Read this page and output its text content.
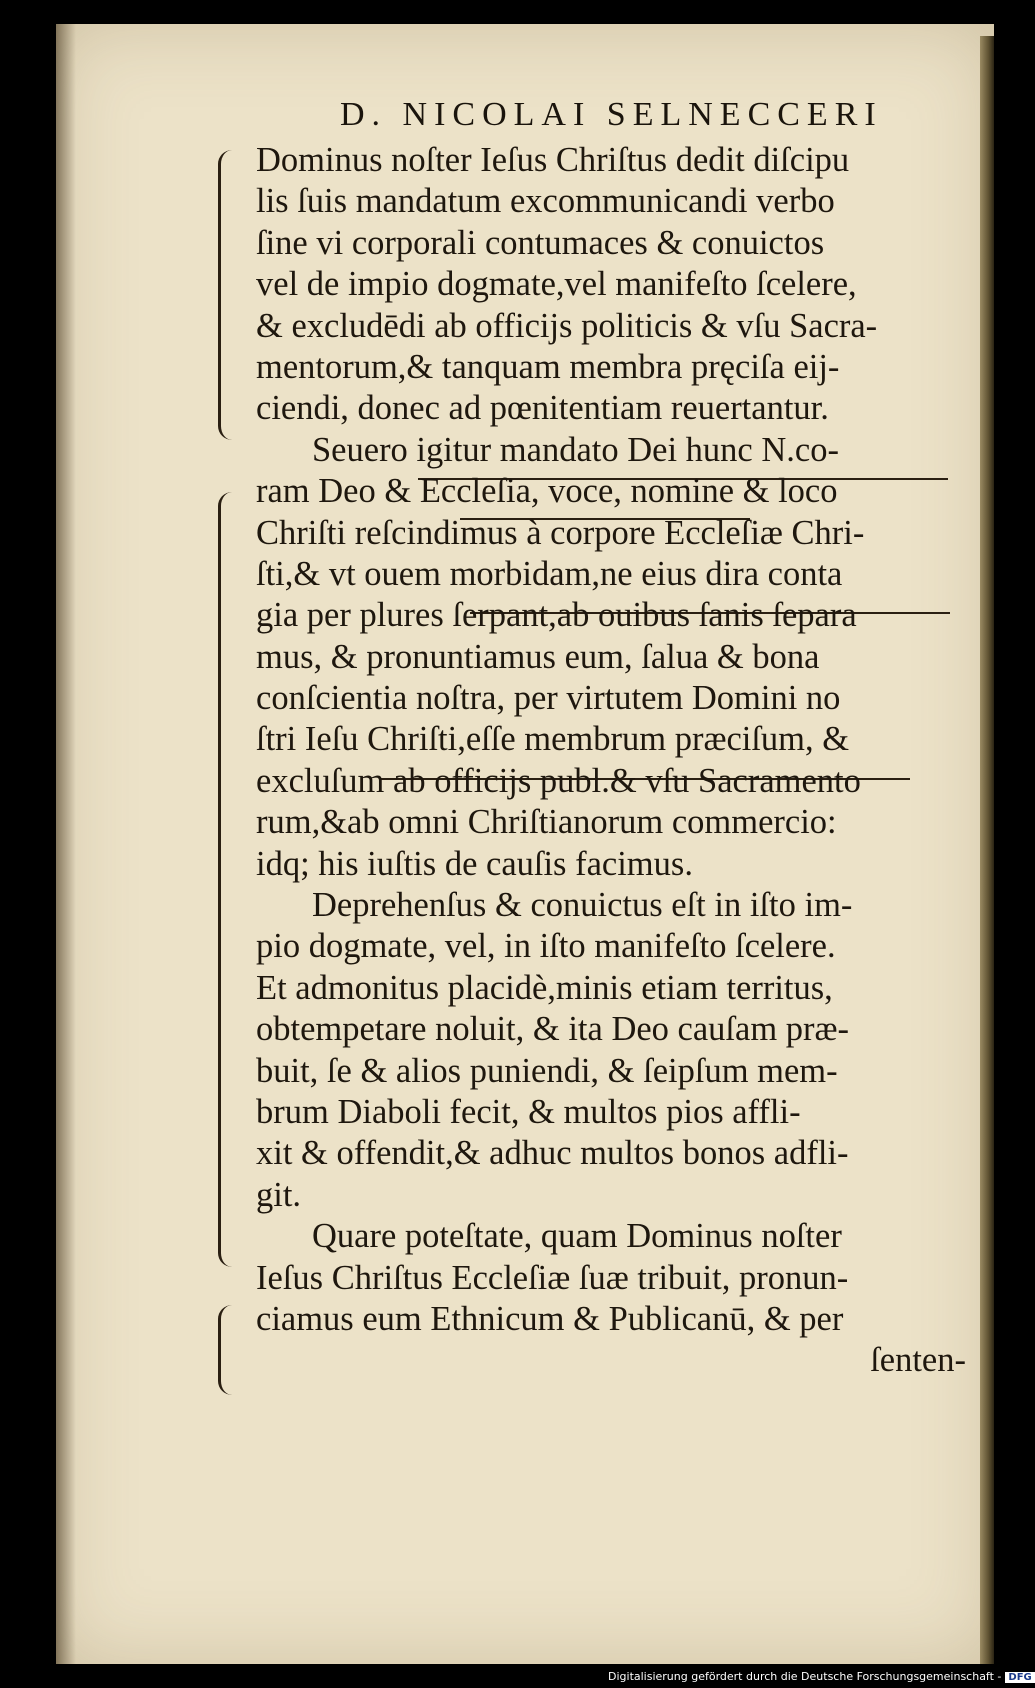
D. NICOLAI SELNECCERI
Dominus noſter Ieſus Chriſtus dedit diſcipu
lis ſuis mandatum excommunicandi verbo
ſine vi corporali contumaces & conuictos
vel de impio dogmate,vel manifeſto ſcelere,
& excludēdi ab officijs politicis & vſu Sacra-
mentorum,& tanquam membra pręciſa eij-
ciendi, donec ad pœnitentiam reuertantur.
Seuero igitur mandato Dei hunc N.co-
ram Deo & Eccleſia, voce, nomine & loco
Chriſti reſcindimus à corpore Eccleſiæ Chri-
ſti,& vt ouem morbidam,ne eius dira conta
gia per plures ſerpant,ab ouibus ſanis ſepara
mus, & pronuntiamus eum, ſalua & bona
conſcientia noſtra, per virtutem Domini no
ſtri Ieſu Chriſti,eſſe membrum præciſum, &
excluſum ab officijs publ.& vſu Sacramento
rum,&ab omni Chriſtianorum commercio:
idq; his iuſtis de cauſis facimus.
Deprehenſus & conuictus eſt in iſto im-
pio dogmate, vel, in iſto manifeſto ſcelere.
Et admonitus placidè,minis etiam territus,
obtempetare noluit, & ita Deo cauſam præ-
buit, ſe & alios puniendi, & ſeipſum mem-
brum Diaboli fecit, & multos pios affli-
xit & offendit,& adhuc multos bonos adfli-
git.
Quare poteſtate, quam Dominus noſter
Ieſus Chriſtus Eccleſiæ ſuæ tribuit, pronun-
ciamus eum Ethnicum & Publicanū, & per
ſenten-
Digitalisierung gefördert durch die Deutsche Forschungsgemeinschaft - DFG
